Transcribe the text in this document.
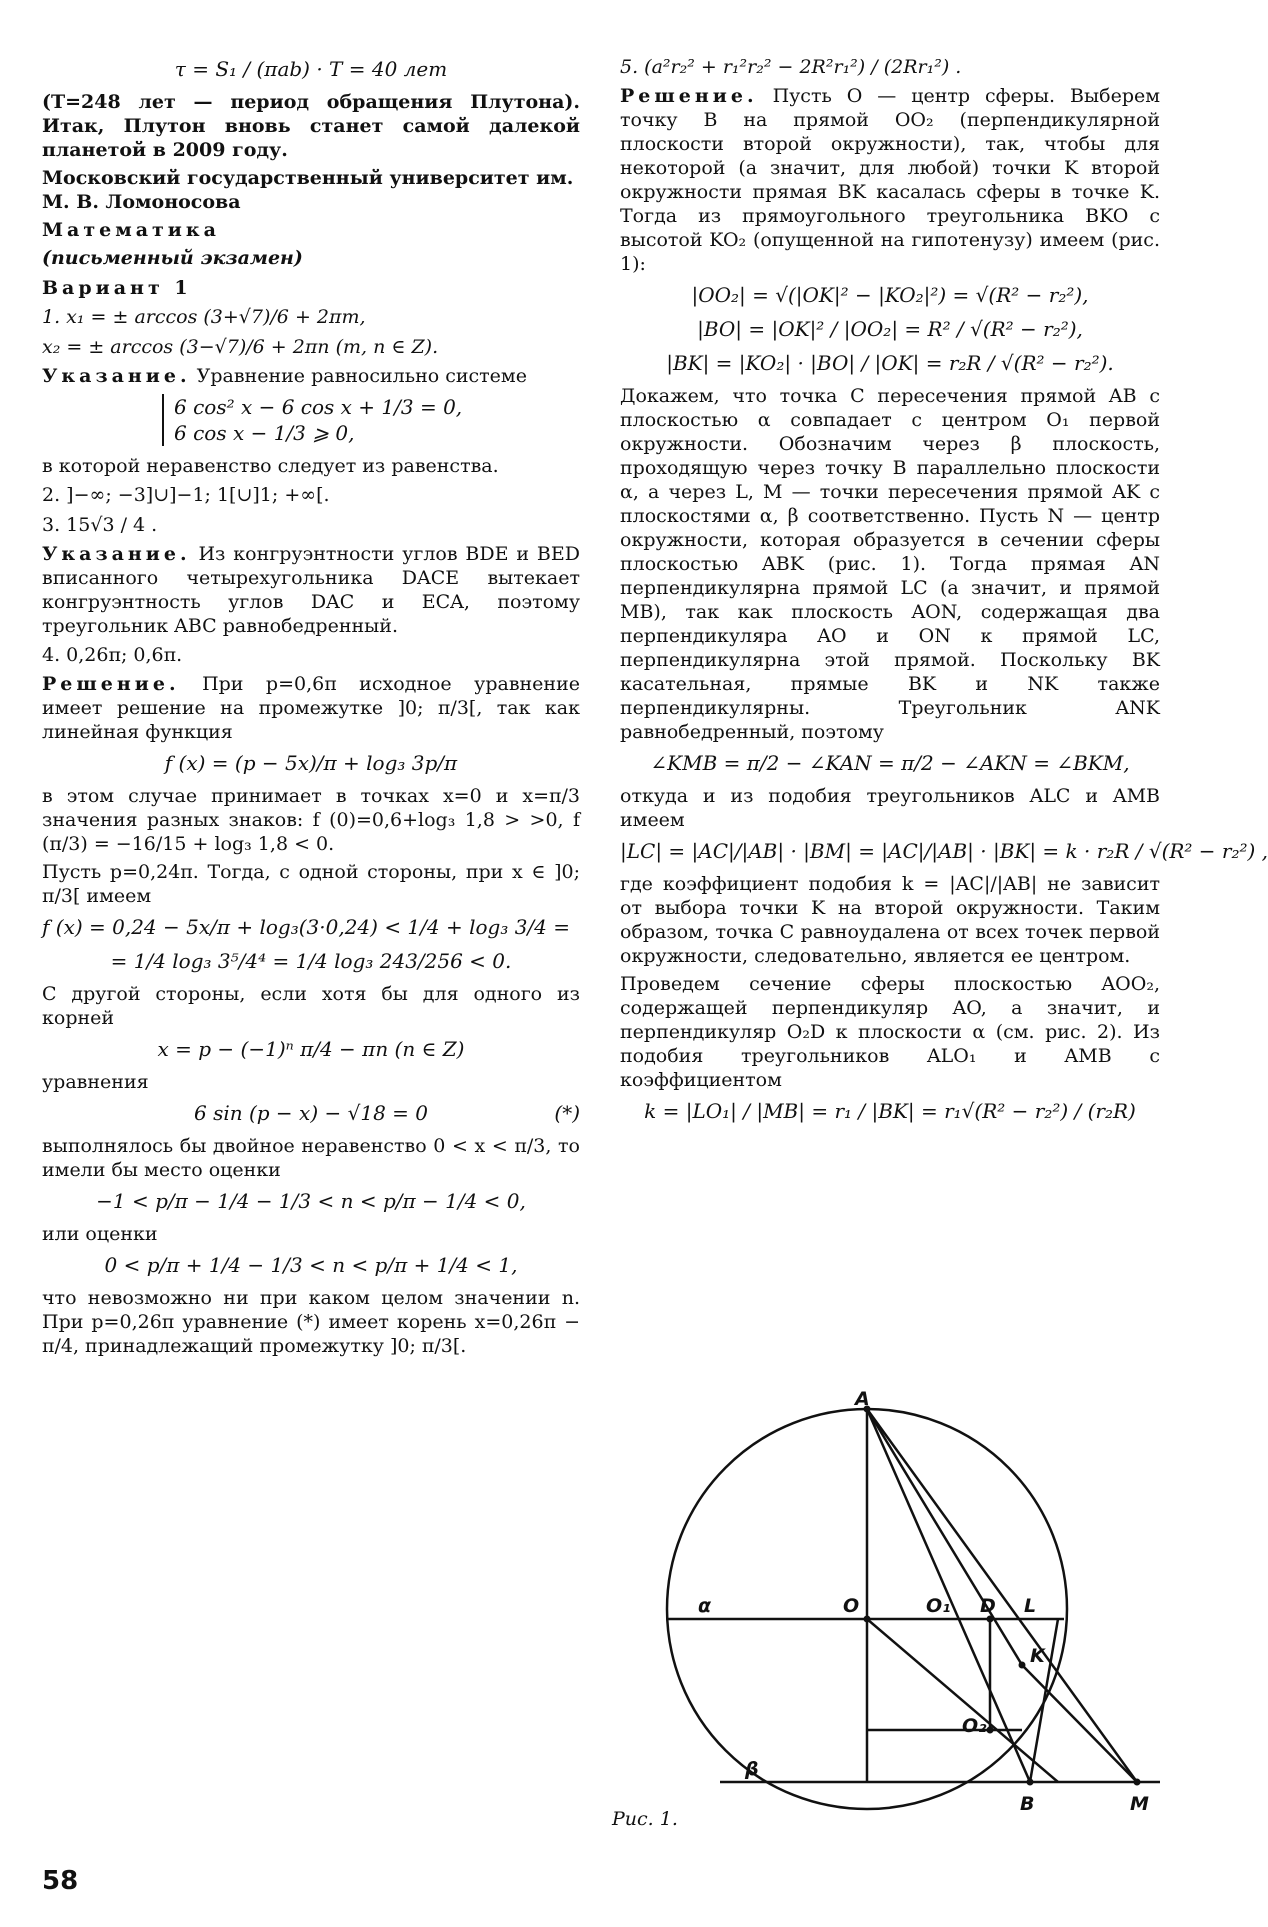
τ = S₁ / (πab) · T = 40 лет

(T=248 лет — период обращения Плутона). Итак, Плутон вновь станет самой далекой планетой в 2009 году.

Московский государственный университет им. М. В. Ломоносова
Математика
(письменный экзамен)
Вариант 1
1. x₁ = ± arccos (3+√7)/6 + 2πm,
x₂ = ± arccos (3−√7)/6 + 2πn (m, n ∈ Z).

Указание. Уравнение равносильно системе

6 cos² x − 6 cos x + 1/3 = 0,
6 cos x − 1/3 ⩾ 0,

в которой неравенство следует из равенства.

2. ]−∞; −3]∪]−1; 1[∪]1; +∞[.
3. 15√3 / 4 .

Указание. Из конгруэнтности углов BDE и BED вписанного четырехугольника DACE вытекает конгруэнтность углов DAC и ECA, поэтому треугольник ABC равнобедренный.

4. 0,26π; 0,6π.

Решение. При p=0,6π исходное уравнение имеет решение на промежутке ]0; π/3[, так как линейная функция

f (x) = (p − 5x)/π + log₃ 3p/π

в этом случае принимает в точках x=0 и x=π/3 значения разных знаков: f (0)=0,6+log₃ 1,8 > >0, f (π/3) = −16/15 + log₃ 1,8 < 0.

Пусть p=0,24π. Тогда, с одной стороны, при x ∈ ]0; π/3[ имеем

f (x) = 0,24 − 5x/π + log₃(3·0,24) < 1/4 + log₃ 3/4 =
= 1/4 log₃ 3⁵/4⁴ = 1/4 log₃ 243/256 < 0.

С другой стороны, если хотя бы для одного из корней

x = p − (−1)ⁿ π/4 − πn (n ∈ Z)

уравнения

6 sin (p − x) − √18 = 0	(*)

выполнялось бы двойное неравенство 0 < x < π/3, то имели бы место оценки

−1 < p/π − 1/4 − 1/3 < n < p/π − 1/4 < 0,

или оценки

0 < p/π + 1/4 − 1/3 < n < p/π + 1/4 < 1,

что невозможно ни при каком целом значении n. При p=0,26π уравнение (*) имеет корень x=0,26π − π/4, принадлежащий промежутку ]0; π/3[.

5. (a²r₂² + r₁²r₂² − 2R²r₁²) / (2Rr₁²) .

Решение. Пусть O — центр сферы. Выберем точку B на прямой OO₂ (перпендикулярной плоскости второй окружности), так, чтобы для некоторой (а значит, для любой) точки K второй окружности прямая BK касалась сферы в точке K. Тогда из прямоугольного треугольника BKO с высотой KO₂ (опущенной на гипотенузу) имеем (рис. 1):

|OO₂| = √(|OK|² − |KO₂|²) = √(R² − r₂²),
|BO| = |OK|² / |OO₂| = R² / √(R² − r₂²),
|BK| = |KO₂| · |BO| / |OK| = r₂R / √(R² − r₂²).

Докажем, что точка C пересечения прямой AB с плоскостью α совпадает с центром O₁ первой окружности. Обозначим через β плоскость, проходящую через точку B параллельно плоскости α, а через L, M — точки пересечения прямой AK с плоскостями α, β соответственно. Пусть N — центр окружности, которая образуется в сечении сферы плоскостью ABK (рис. 1). Тогда прямая AN перпендикулярна прямой LC (а значит, и прямой MB), так как плоскость AON, содержащая два перпендикуляра AO и ON к прямой LC, перпендикулярна этой прямой. Поскольку BK касательная, прямые BK и NK также перпендикулярны. Треугольник ANK равнобедренный, поэтому

∠KMB = π/2 − ∠KAN = π/2 − ∠AKN = ∠BKM,

откуда и из подобия треугольников ALC и AMB имеем

|LC| = |AC|/|AB| · |BM| = |AC|/|AB| · |BK| = k · r₂R / √(R² − r₂²) ,

где коэффициент подобия k = |AC|/|AB| не зависит от выбора точки K на второй окружности. Таким образом, точка C равноудалена от всех точек первой окружности, следовательно, является ее центром.

Проведем сечение сферы плоскостью AOO₂, содержащей перпендикуляр AO, а значит, и перпендикуляр O₂D к плоскости α (см. рис. 2). Из подобия треугольников ALO₁ и AMB с коэффициентом

k = |LO₁| / |MB| = r₁ / |BK| = r₁√(R² − r₂²) / (r₂R)
A
O	O₁ D L
K
O₂
B	M
α
β
Рис. 1.
58
